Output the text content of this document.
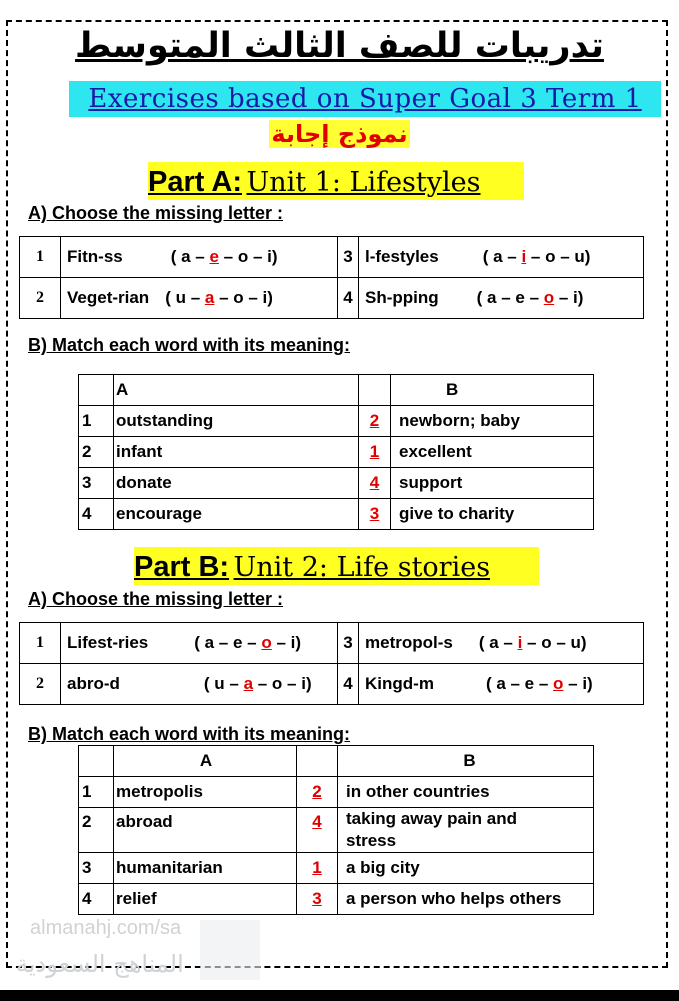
تدريبات للصف الثالث المتوسط
Exercises based on Super Goal 3 Term 1
نموذج إجابة
Part A: Unit 1: Lifestyles
A) Choose the missing letter :
1	Fitn-ss ( a – e – o – i)	3	l-festyles ( a – i – o – u)
2	Veget-rian ( u – a – o – i)	4	Sh-pping ( a – e – o – i)
B) Match each word with its meaning:
	A		B
1	outstanding	2	newborn; baby
2	infant	1	excellent
3	donate	4	support
4	encourage	3	give to charity
Part B: Unit 2: Life stories
A) Choose the missing letter :
1	Lifest-ries ( a – e – o – i)	3	metropol-s ( a – i – o – u)
2	abro-d ( u – a – o – i)	4	Kingd-m ( a – e – o – i)
B) Match each word with its meaning:
	A		B
1	metropolis	2	in other countries
2	abroad	4	taking away pain and stress
3	humanitarian	1	a big city
4	relief	3	a person who helps others
almanahj.com/sa
المناهج السعودية
